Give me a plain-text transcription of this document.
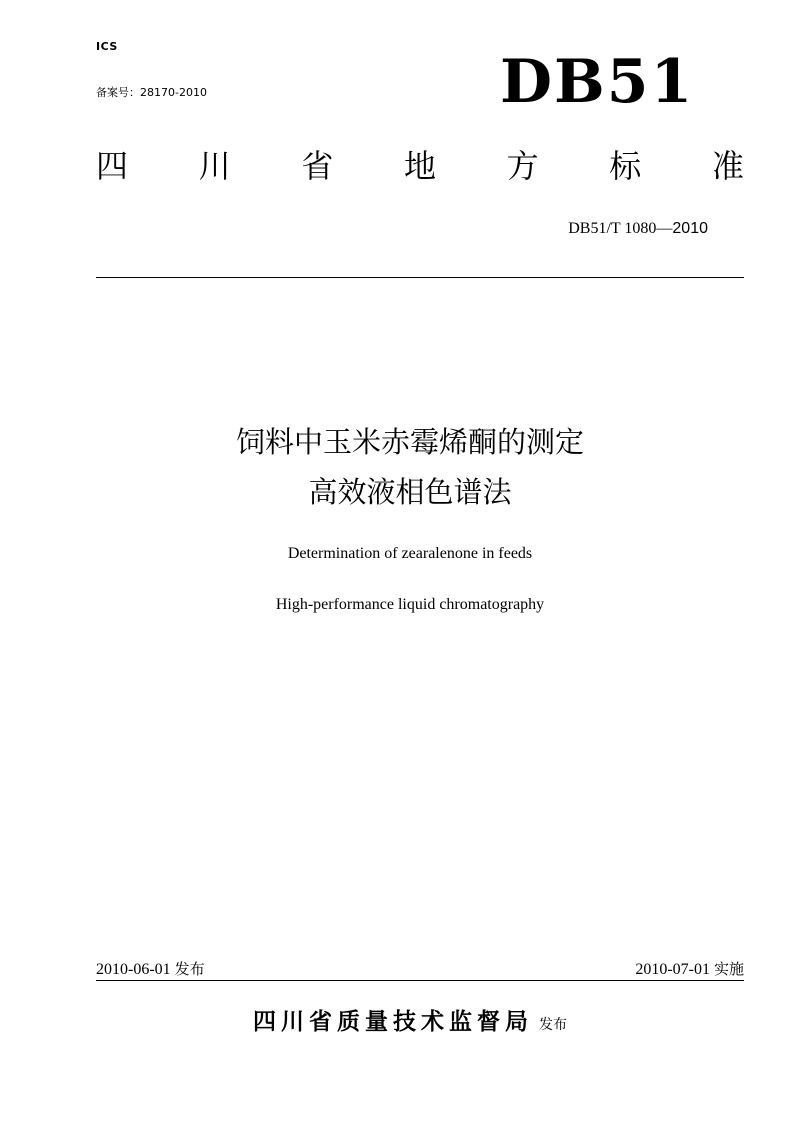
ICS
备案号：28170-2010	DB51
四 川 省 地 方 标 准
DB51/T 1080—2010
饲料中玉米赤霉烯酮的测定
高效液相色谱法
Determination of zearalenone in feeds
High-performance liquid chromatography
2010-06-01 发布	2010-07-01 实施
四川省质量技术监督局 发布
